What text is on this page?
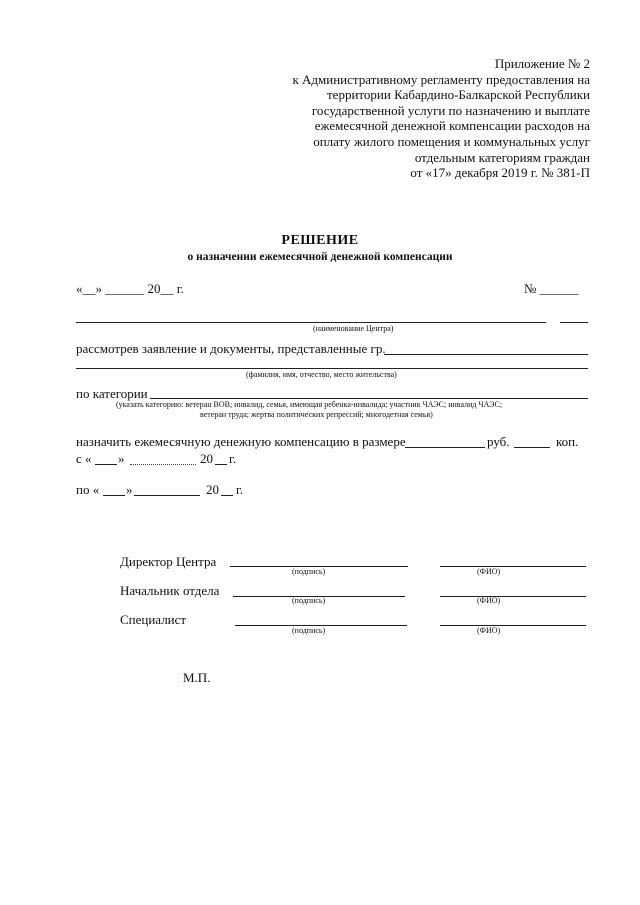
Приложение № 2
к Административному регламенту предоставления на
территории Кабардино-Балкарской Республики
государственной услуги по назначению и выплате
ежемесячной денежной компенсации расходов на
оплату жилого помещения и коммунальных услуг
отдельным категориям граждан
от «17» декабря 2019 г. № 381-П
РЕШЕНИЕ
о назначении ежемесячной денежной компенсации
«__» ______ 20__ г.	№ ______
(наименование Центра)
рассмотрев заявление и документы, представленные гр.
(фамилия, имя, отчество, место жительства)
по категории
(указать категорию: ветеран ВОВ; инвалид, семья, имеющая ребенка-инвалида; участник ЧАЭС; инвалид ЧАЭС;
ветеран труда; жертва политических репрессий; многодетная семья)
назначить ежемесячную денежную компенсацию в размере	руб.	коп.
с « »	20 г.
по « »	20 г.
Директор Центра
(подпись)	(ФИО)
Начальник отдела
(подпись)	(ФИО)
Специалист
(подпись)	(ФИО)
М.П.
